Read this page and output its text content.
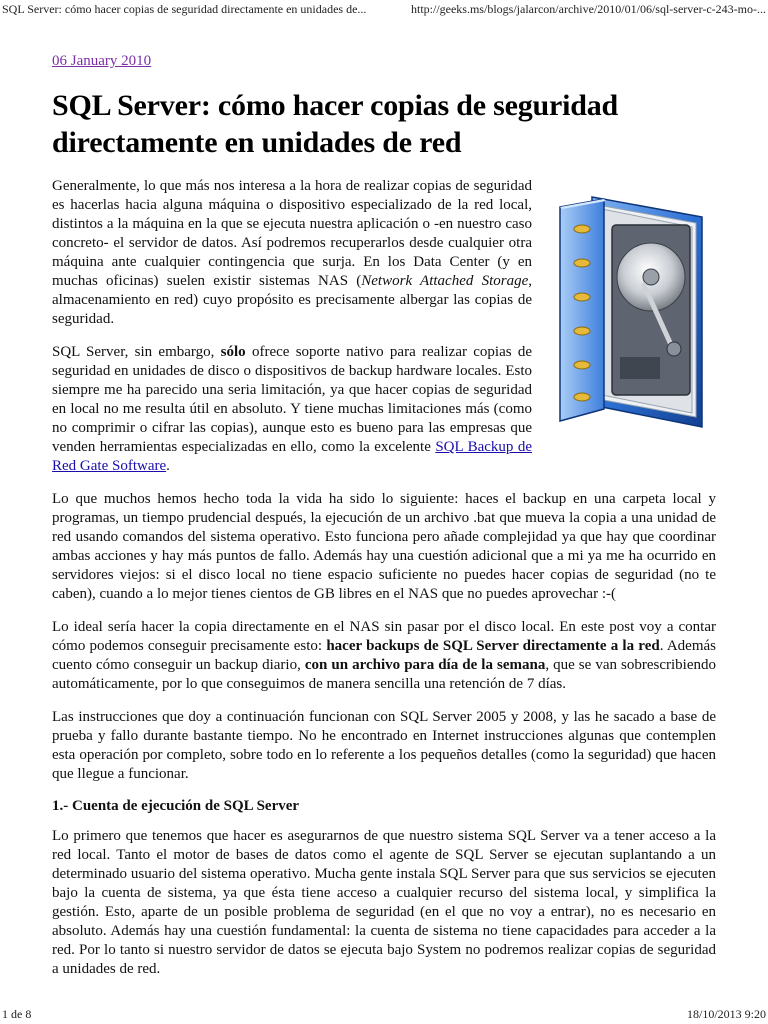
SQL Server: cómo hacer copias de seguridad directamente en unidades de...	http://geeks.ms/blogs/jalarcon/archive/2010/01/06/sql-server-c-243-mo-...
06 January 2010
SQL Server: cómo hacer copias de seguridad directamente en unidades de red

Generalmente, lo que más nos interesa a la hora de realizar copias de seguridad es hacerlas hacia alguna máquina o dispositivo especializado de la red local, distintos a la máquina en la que se ejecuta nuestra aplicación o -en nuestro caso concreto- el servidor de datos. Así podremos recuperarlos desde cualquier otra máquina ante cualquier contingencia que surja. En los Data Center (y en muchas oficinas) suelen existir sistemas NAS (Network Attached Storage, almacenamiento en red) cuyo propósito es precisamente albergar las copias de seguridad.

SQL Server, sin embargo, sólo ofrece soporte nativo para realizar copias de seguridad en unidades de disco o dispositivos de backup hardware locales. Esto siempre me ha parecido una seria limitación, ya que hacer copias de seguridad en local no me resulta útil en absoluto. Y tiene muchas limitaciones más (como no comprimir o cifrar las copias), aunque esto es bueno para las empresas que venden herramientas especializadas en ello, como la excelente SQL Backup de Red Gate Software.

Lo que muchos hemos hecho toda la vida ha sido lo siguiente: haces el backup en una carpeta local y programas, un tiempo prudencial después, la ejecución de un archivo .bat que mueva la copia a una unidad de red usando comandos del sistema operativo. Esto funciona pero añade complejidad ya que hay que coordinar ambas acciones y hay más puntos de fallo. Además hay una cuestión adicional que a mi ya me ha ocurrido en servidores viejos: si el disco local no tiene espacio suficiente no puedes hacer copias de seguridad (no te caben), cuando a lo mejor tienes cientos de GB libres en el NAS que no puedes aprovechar :-(

Lo ideal sería hacer la copia directamente en el NAS sin pasar por el disco local. En este post voy a contar cómo podemos conseguir precisamente esto: hacer backups de SQL Server directamente a la red. Además cuento cómo conseguir un backup diario, con un archivo para día de la semana, que se van sobrescribiendo automáticamente, por lo que conseguimos de manera sencilla una retención de 7 días.

Las instrucciones que doy a continuación funcionan con SQL Server 2005 y 2008, y las he sacado a base de prueba y fallo durante bastante tiempo. No he encontrado en Internet instrucciones algunas que contemplen esta operación por completo, sobre todo en lo referente a los pequeños detalles (como la seguridad) que hacen que llegue a funcionar.

1.- Cuenta de ejecución de SQL Server

Lo primero que tenemos que hacer es asegurarnos de que nuestro sistema SQL Server va a tener acceso a la red local. Tanto el motor de bases de datos como el agente de SQL Server se ejecutan suplantando a un determinado usuario del sistema operativo. Mucha gente instala SQL Server para que sus servicios se ejecuten bajo la cuenta de sistema, ya que ésta tiene acceso a cualquier recurso del sistema local, y simplifica la gestión. Esto, aparte de un posible problema de seguridad (en el que no voy a entrar), no es necesario en absoluto. Además hay una cuestión fundamental: la cuenta de sistema no tiene capacidades para acceder a la red. Por lo tanto si nuestro servidor de datos se ejecuta bajo System no podremos realizar copias de seguridad a unidades de red.

1 de 8	18/10/2013 9:20
